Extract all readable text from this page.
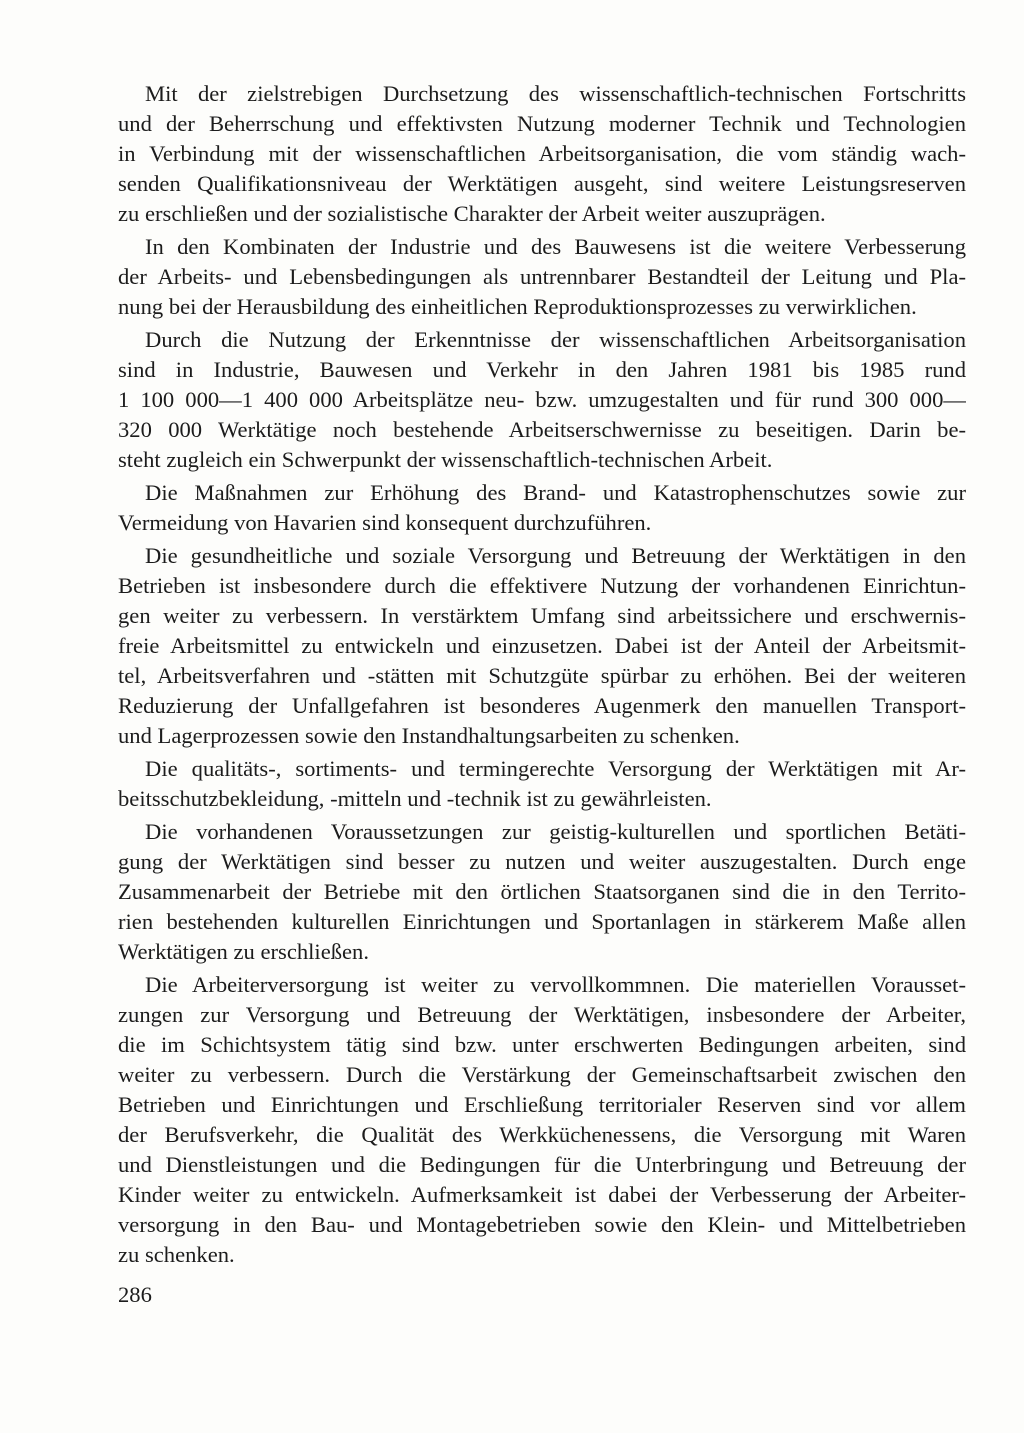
Mit der zielstrebigen Durchsetzung des wissenschaftlich-technischen Fortschritts
und der Beherrschung und effektivsten Nutzung moderner Technik und Technologien
in Verbindung mit der wissenschaftlichen Arbeitsorganisation, die vom ständig wach-
senden Qualifikationsniveau der Werktätigen ausgeht, sind weitere Leistungsreserven
zu erschließen und der sozialistische Charakter der Arbeit weiter auszuprägen.
In den Kombinaten der Industrie und des Bauwesens ist die weitere Verbesserung
der Arbeits- und Lebensbedingungen als untrennbarer Bestandteil der Leitung und Pla-
nung bei der Herausbildung des einheitlichen Reproduktionsprozesses zu verwirklichen.
Durch die Nutzung der Erkenntnisse der wissenschaftlichen Arbeitsorganisation
sind in Industrie, Bauwesen und Verkehr in den Jahren 1981 bis 1985 rund
1 100 000—1 400 000 Arbeitsplätze neu- bzw. umzugestalten und für rund 300 000—
320 000 Werktätige noch bestehende Arbeitserschwernisse zu beseitigen. Darin be-
steht zugleich ein Schwerpunkt der wissenschaftlich-technischen Arbeit.
Die Maßnahmen zur Erhöhung des Brand- und Katastrophenschutzes sowie zur
Vermeidung von Havarien sind konsequent durchzuführen.
Die gesundheitliche und soziale Versorgung und Betreuung der Werktätigen in den
Betrieben ist insbesondere durch die effektivere Nutzung der vorhandenen Einrichtun-
gen weiter zu verbessern. In verstärktem Umfang sind arbeitssichere und erschwernis-
freie Arbeitsmittel zu entwickeln und einzusetzen. Dabei ist der Anteil der Arbeitsmit-
tel, Arbeitsverfahren und -stätten mit Schutzgüte spürbar zu erhöhen. Bei der weiteren
Reduzierung der Unfallgefahren ist besonderes Augenmerk den manuellen Transport-
und Lagerprozessen sowie den Instandhaltungsarbeiten zu schenken.
Die qualitäts-, sortiments- und termingerechte Versorgung der Werktätigen mit Ar-
beitsschutzbekleidung, -mitteln und -technik ist zu gewährleisten.
Die vorhandenen Voraussetzungen zur geistig-kulturellen und sportlichen Betäti-
gung der Werktätigen sind besser zu nutzen und weiter auszugestalten. Durch enge
Zusammenarbeit der Betriebe mit den örtlichen Staatsorganen sind die in den Territo-
rien bestehenden kulturellen Einrichtungen und Sportanlagen in stärkerem Maße allen
Werktätigen zu erschließen.
Die Arbeiterversorgung ist weiter zu vervollkommnen. Die materiellen Vorausset-
zungen zur Versorgung und Betreuung der Werktätigen, insbesondere der Arbeiter,
die im Schichtsystem tätig sind bzw. unter erschwerten Bedingungen arbeiten, sind
weiter zu verbessern. Durch die Verstärkung der Gemeinschaftsarbeit zwischen den
Betrieben und Einrichtungen und Erschließung territorialer Reserven sind vor allem
der Berufsverkehr, die Qualität des Werkküchenessens, die Versorgung mit Waren
und Dienstleistungen und die Bedingungen für die Unterbringung und Betreuung der
Kinder weiter zu entwickeln. Aufmerksamkeit ist dabei der Verbesserung der Arbeiter-
versorgung in den Bau- und Montagebetrieben sowie den Klein- und Mittelbetrieben
zu schenken.
286
